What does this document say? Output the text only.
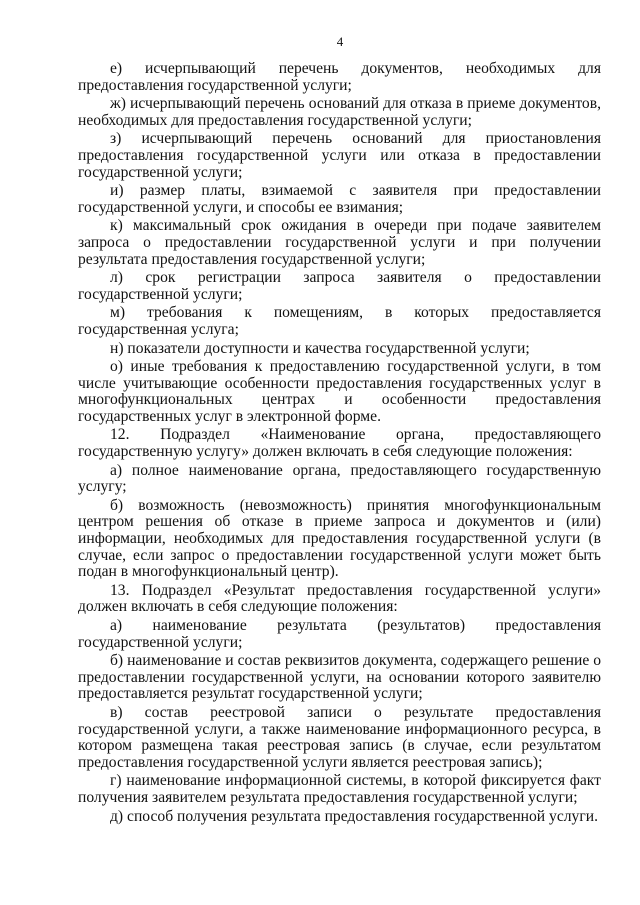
4

е) исчерпывающий перечень документов, необходимых для предоставления государственной услуги;

ж) исчерпывающий перечень оснований для отказа в приеме документов, необходимых для предоставления государственной услуги;

з) исчерпывающий перечень оснований для приостановления предоставления государственной услуги или отказа в предоставлении государственной услуги;

и) размер платы, взимаемой с заявителя при предоставлении государственной услуги, и способы ее взимания;

к) максимальный срок ожидания в очереди при подаче заявителем запроса о предоставлении государственной услуги и при получении результата предоставления государственной услуги;

л) срок регистрации запроса заявителя о предоставлении государственной услуги;

м) требования к помещениям, в которых предоставляется государственная услуга;

н) показатели доступности и качества государственной услуги;

о) иные требования к предоставлению государственной услуги, в том числе учитывающие особенности предоставления государственных услуг в многофункциональных центрах и особенности предоставления государственных услуг в электронной форме.

12. Подраздел «Наименование органа, предоставляющего государственную услугу» должен включать в себя следующие положения:

а) полное наименование органа, предоставляющего государственную услугу;

б) возможность (невозможность) принятия многофункциональным центром решения об отказе в приеме запроса и документов и (или) информации, необходимых для предоставления государственной услуги (в случае, если запрос о предоставлении государственной услуги может быть подан в многофункциональный центр).

13. Подраздел «Результат предоставления государственной услуги» должен включать в себя следующие положения:

а) наименование результата (результатов) предоставления государственной услуги;

б) наименование и состав реквизитов документа, содержащего решение о предоставлении государственной услуги, на основании которого заявителю предоставляется результат государственной услуги;

в) состав реестровой записи о результате предоставления государственной услуги, а также наименование информационного ресурса, в котором размещена такая реестровая запись (в случае, если результатом предоставления государственной услуги является реестровая запись);

г) наименование информационной системы, в которой фиксируется факт получения заявителем результата предоставления государственной услуги;

д) способ получения результата предоставления государственной услуги.
